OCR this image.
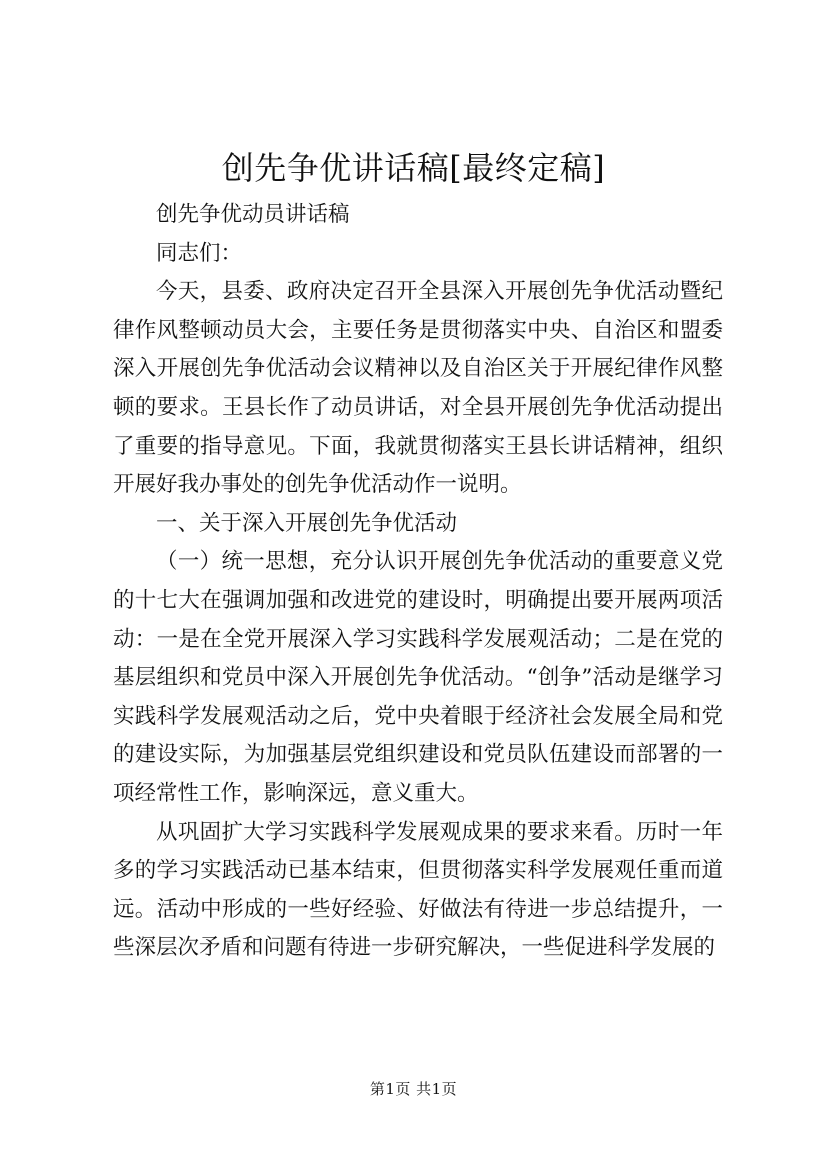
创先争优讲话稿[最终定稿]

创先争优动员讲话稿

同志们：

今天，县委、政府决定召开全县深入开展创先争优活动暨纪律作风整顿动员大会，主要任务是贯彻落实中央、自治区和盟委深入开展创先争优活动会议精神以及自治区关于开展纪律作风整顿的要求。王县长作了动员讲话，对全县开展创先争优活动提出了重要的指导意见。下面，我就贯彻落实王县长讲话精神，组织开展好我办事处的创先争优活动作一说明。

一、关于深入开展创先争优活动

（一）统一思想，充分认识开展创先争优活动的重要意义党的十七大在强调加强和改进党的建设时，明确提出要开展两项活动：一是在全党开展深入学习实践科学发展观活动；二是在党的基层组织和党员中深入开展创先争优活动。“创争”活动是继学习实践科学发展观活动之后，党中央着眼于经济社会发展全局和党的建设实际，为加强基层党组织建设和党员队伍建设而部署的一项经常性工作，影响深远，意义重大。

从巩固扩大学习实践科学发展观成果的要求来看。历时一年多的学习实践活动已基本结束，但贯彻落实科学发展观任重而道远。活动中形成的一些好经验、好做法有待进一步总结提升，一些深层次矛盾和问题有待进一步研究解决，一些促进科学发展的

第1页 共1页
